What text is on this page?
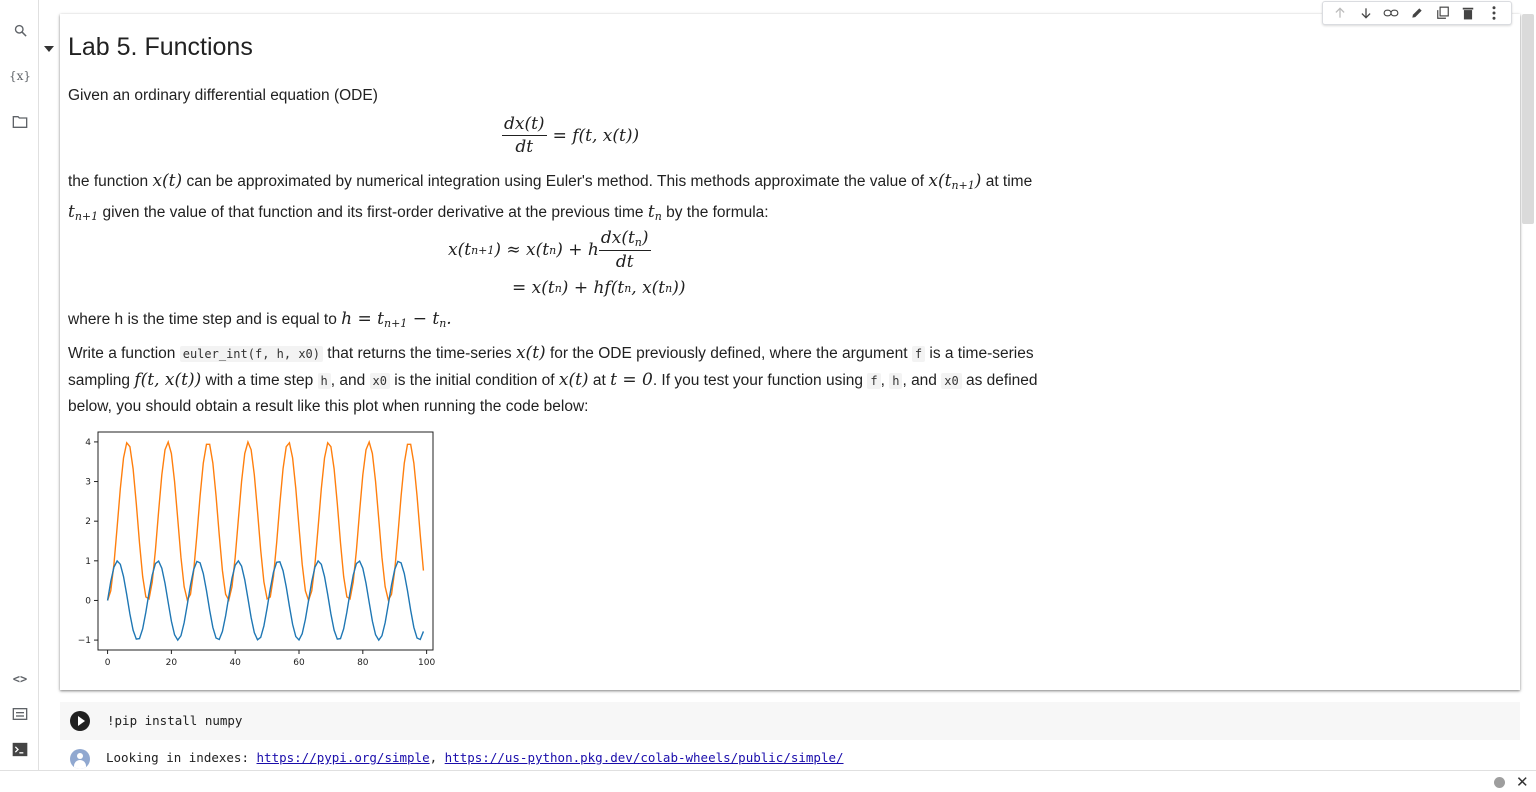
{x}
<>
Lab 5. Functions
Given an ordinary differential equation (ODE)
$\frac{dx(t)}{dt} = f(t$, x(t))
the function x(t) can be approximated by numerical integration using Euler's method. This methods approximate the value of $x(t_{n+1})$ at time
$t_{n+1}$ given the value of that function and its first-order derivative at the previous time $t_n$ by the formula:
x(t n+1 ) ≈ x(t n ) + h $\frac{dx(t_n)}{dt}$
= x(t n ) + hf(t n , x(t n ))
where h is the time step and is equal to $h = t_{n+1} - t_n$.
Write a function euler_int(f, h, x0) that returns the time-series x(t) for the ODE previously defined, where the argument f is a time-series
sampling f(t, x(t)) with a time step h , and x0 is the initial condition of x(t) at t = 0. If you test your function using f , h , and x0 as defined
below, you should obtain a result like this plot when running the code below:
0	20	40	60	80	100
−1
0
1
2
3
4
!pip install numpy
Looking in indexes: https://pypi.org/simple, https://us-python.pkg.dev/colab-wheels/public/simple/
✕
